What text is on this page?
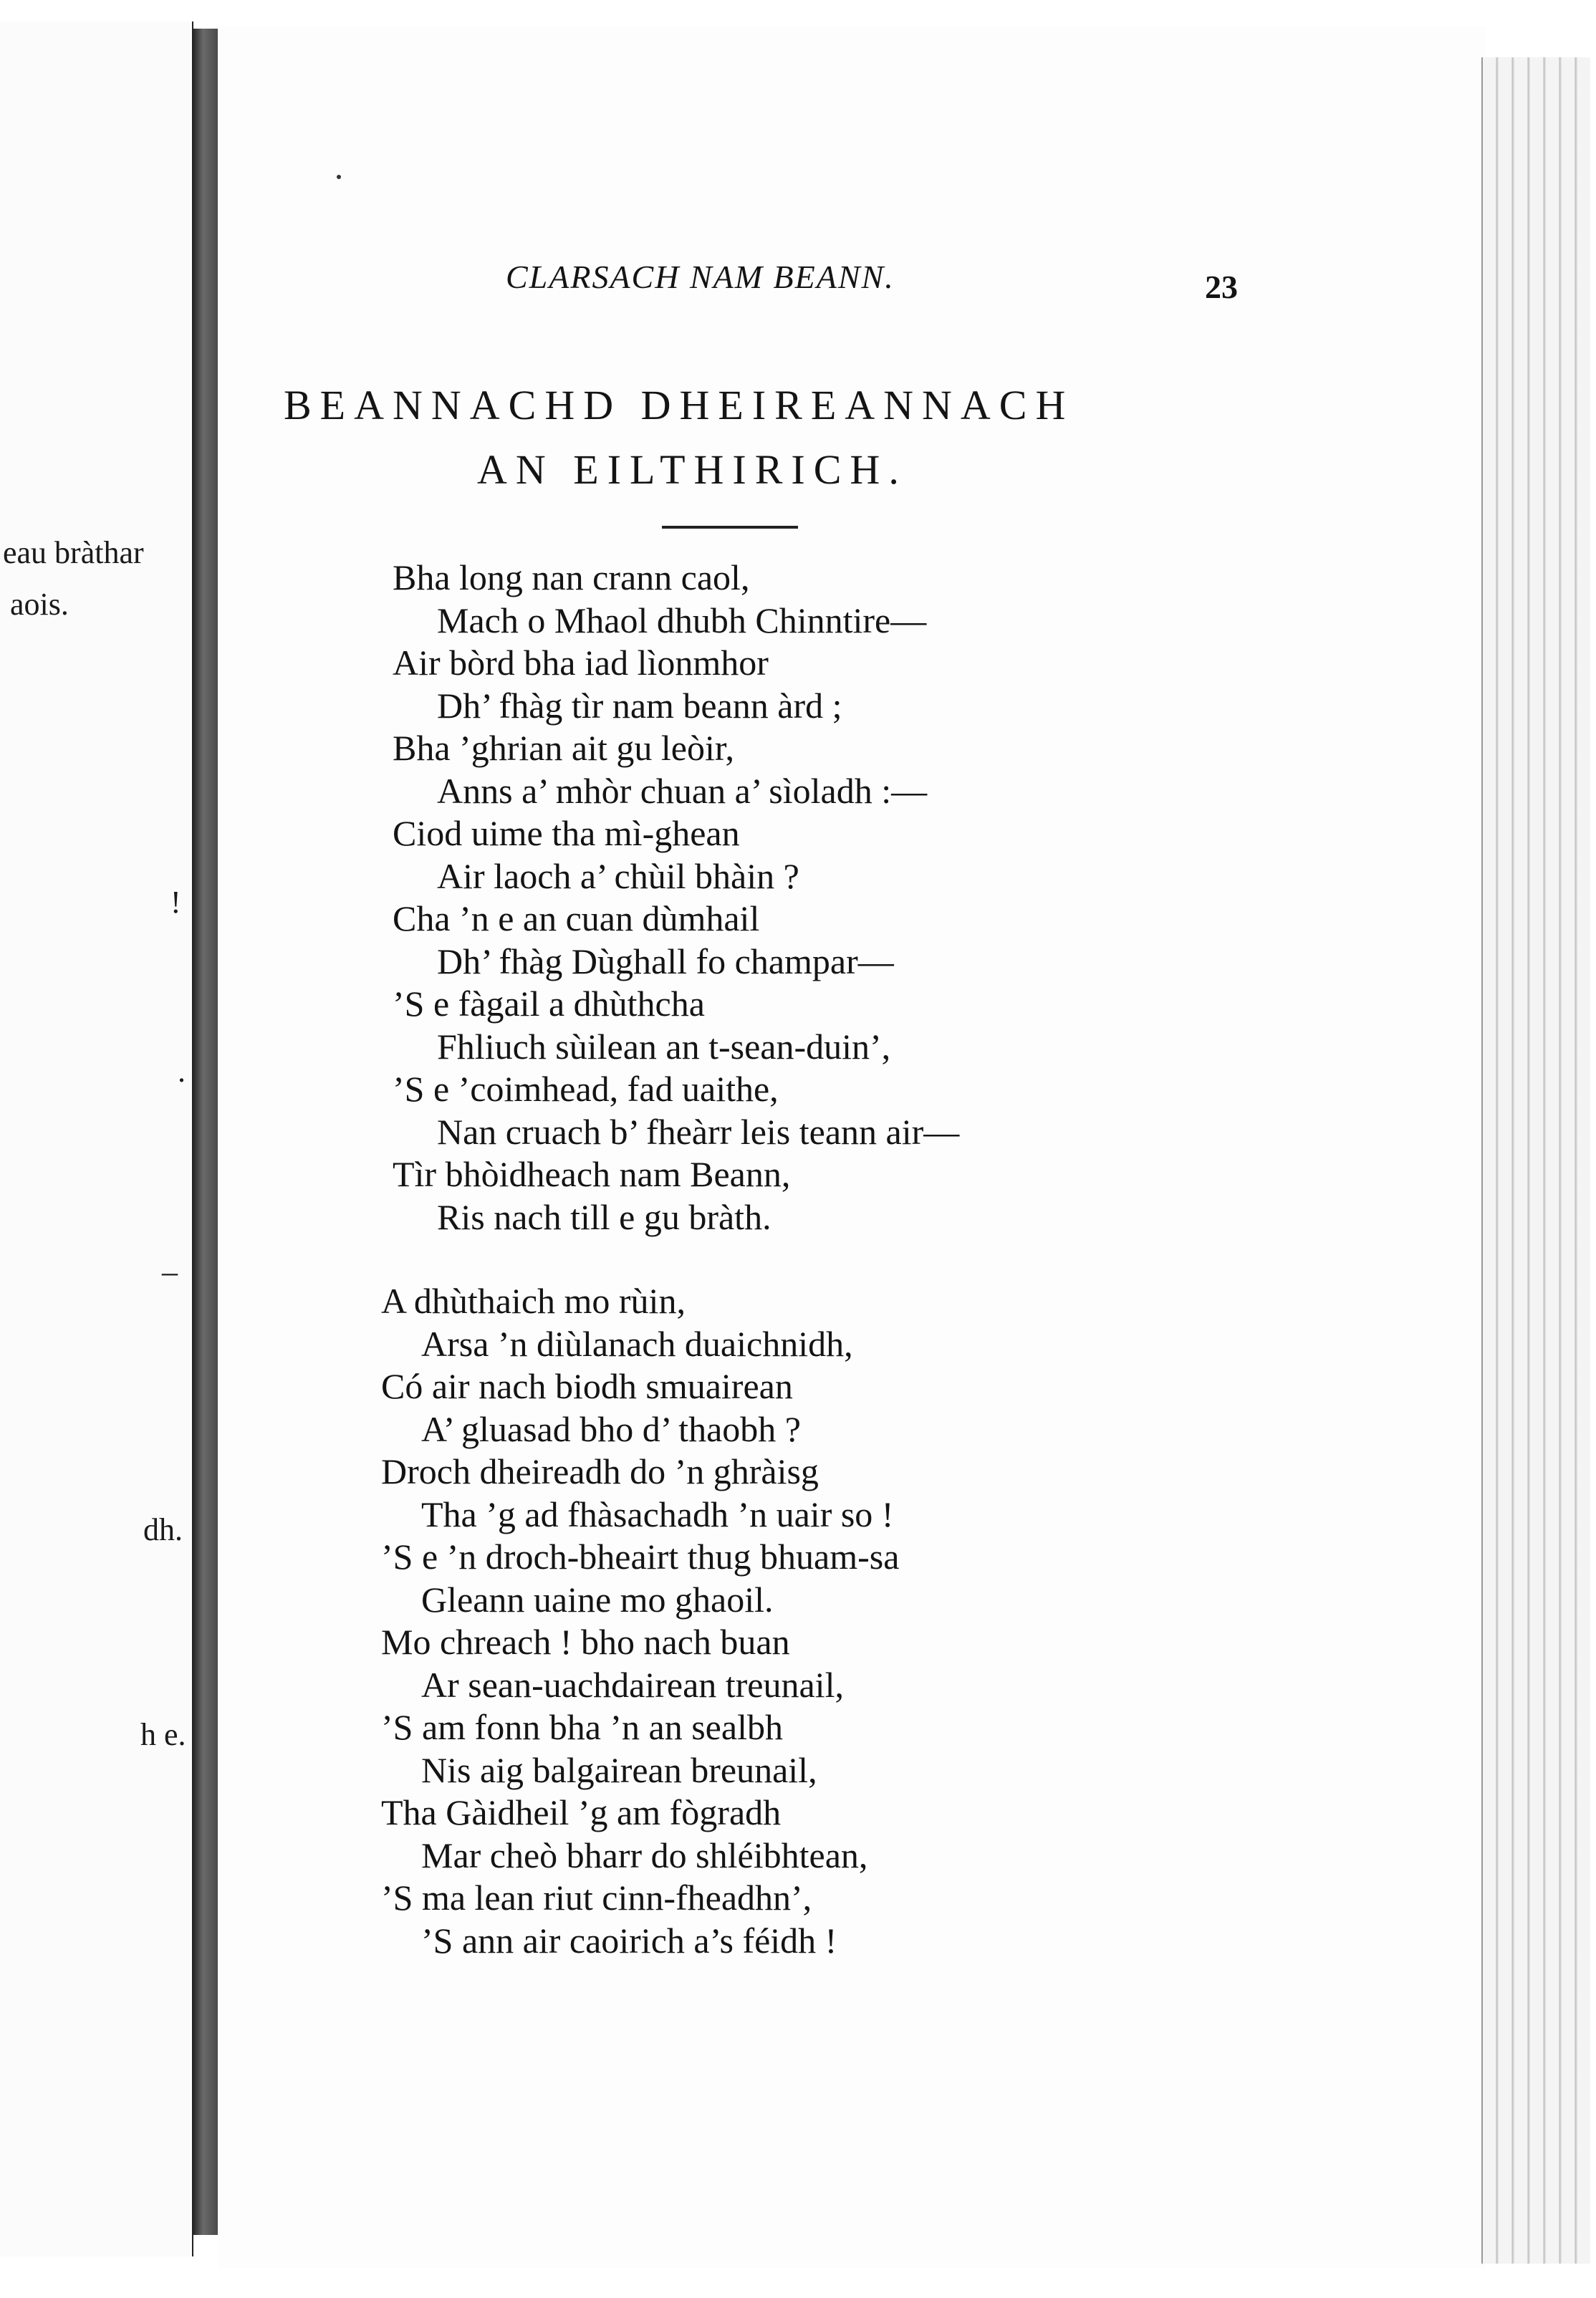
eau bràthar
aois.
!
.
–
dh.
h e.
CLARSACH NAM BEANN.	23
BEANNACHD DHEIREANNACH
AN EILTHIRICH.
Bha long nan crann caol,
Mach o Mhaol dhubh Chinntire—
Air bòrd bha iad lìonmhor
Dh’ fhàg tìr nam beann àrd ;
Bha ’ghrian ait gu leòir,
Anns a’ mhòr chuan a’ sìoladh :—
Ciod uime tha mì-ghean
Air laoch a’ chùil bhàin ?
Cha ’n e an cuan dùmhail
Dh’ fhàg Dùghall fo champar—
’S e fàgail a dhùthcha
Fhliuch sùilean an t-sean-duin’,
’S e ’coimhead, fad uaithe,
Nan cruach b’ fheàrr leis teann air—
Tìr bhòidheach nam Beann,
Ris nach till e gu bràth.
A dhùthaich mo rùin,
Arsa ’n diùlanach duaichnidh,
Có air nach biodh smuairean
A’ gluasad bho d’ thaobh ?
Droch dheireadh do ’n ghràisg
Tha ’g ad fhàsachadh ’n uair so !
’S e ’n droch-bheairt thug bhuam-sa
Gleann uaine mo ghaoil.
Mo chreach ! bho nach buan
Ar sean-uachdairean treunail,
’S am fonn bha ’n an sealbh
Nis aig balgairean breunail,
Tha Gàidheil ’g am fògradh
Mar cheò bharr do shléibhtean,
’S ma lean riut cinn-fheadhn’,
’S ann air caoirich a’s féidh !
